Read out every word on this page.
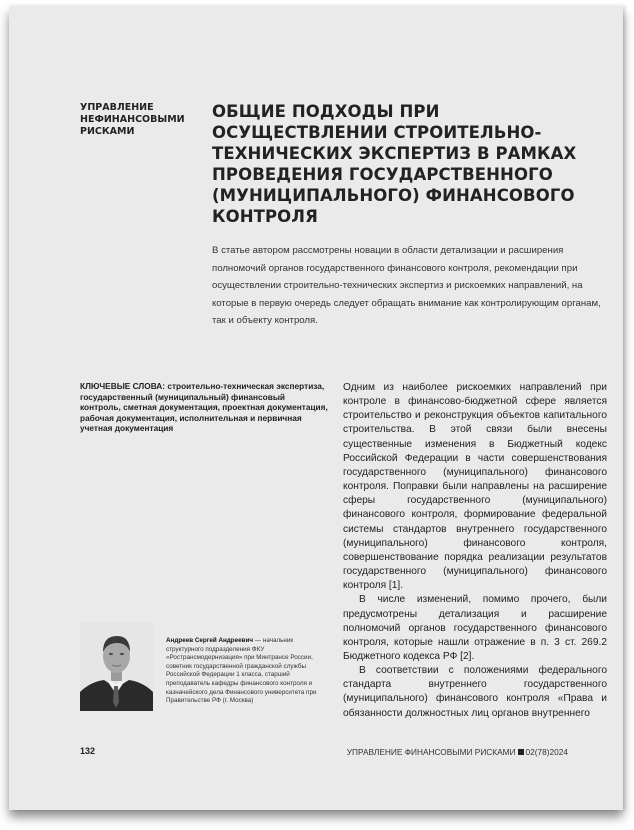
УПРАВЛЕНИЕ НЕФИНАНСОВЫМИ РИСКАМИ
ОБЩИЕ ПОДХОДЫ ПРИ ОСУЩЕСТВЛЕНИИ СТРОИТЕЛЬНО-ТЕХНИЧЕСКИХ ЭКСПЕРТИЗ В РАМКАХ ПРОВЕДЕНИЯ ГОСУДАРСТВЕННОГО (МУНИЦИПАЛЬНОГО) ФИНАНСОВОГО КОНТРОЛЯ
В статье автором рассмотрены новации в области детализации и расширения полномочий органов государственного финансового контроля, рекомендации при осуществлении строительно-технических экспертиз и рискоемких направлений, на которые в первую очередь следует обращать внимание как контролирующим органам, так и объекту контроля.
КЛЮЧЕВЫЕ СЛОВА: строительно-техническая экспертиза, государственный (муниципальный) финансовый контроль, сметная документация, проектная документация, рабочая документация, исполнительная и первичная учетная документация

Одним из наиболее рискоемких направлений при контроле в финансово-бюджетной сфере является строительство и реконструкция объектов капитального строительства. В этой связи были внесены существенные изменения в Бюджетный кодекс Российской Федерации в части совершенствования государственного (муниципального) финансового контроля. Поправки были направлены на расширение сферы государственного (муниципального) финансового контроля, формирование федеральной системы стандартов внутреннего государственного (муниципального) финансового контроля, совершенствование порядка реализации результатов государственного (муниципального) финансового контроля [1].

В числе изменений, помимо прочего, были предусмотрены детализация и расширение полномочий органов государственного финансового контроля, которые нашли отражение в п. 3 ст. 269.2 Бюджетного кодекса РФ [2].

В соответствии с положениями федерального стандарта внутреннего государственного (муниципального) финансового контроля «Права и обязанности должностных лиц органов внутреннего

Андреев Сергей Андреевич — начальник структурного подразделения ФКУ «Ространсмодернизация» при Минтрансе России, советник государственной гражданской службы Российской Федерации 1 класса, старший преподаватель кафедры финансового контроля и казначейского дела Финансового университета при Правительстве РФ (г. Москва)
132	УПРАВЛЕНИЕ ФИНАНСОВЫМИ РИСКАМИ 02(78)2024
